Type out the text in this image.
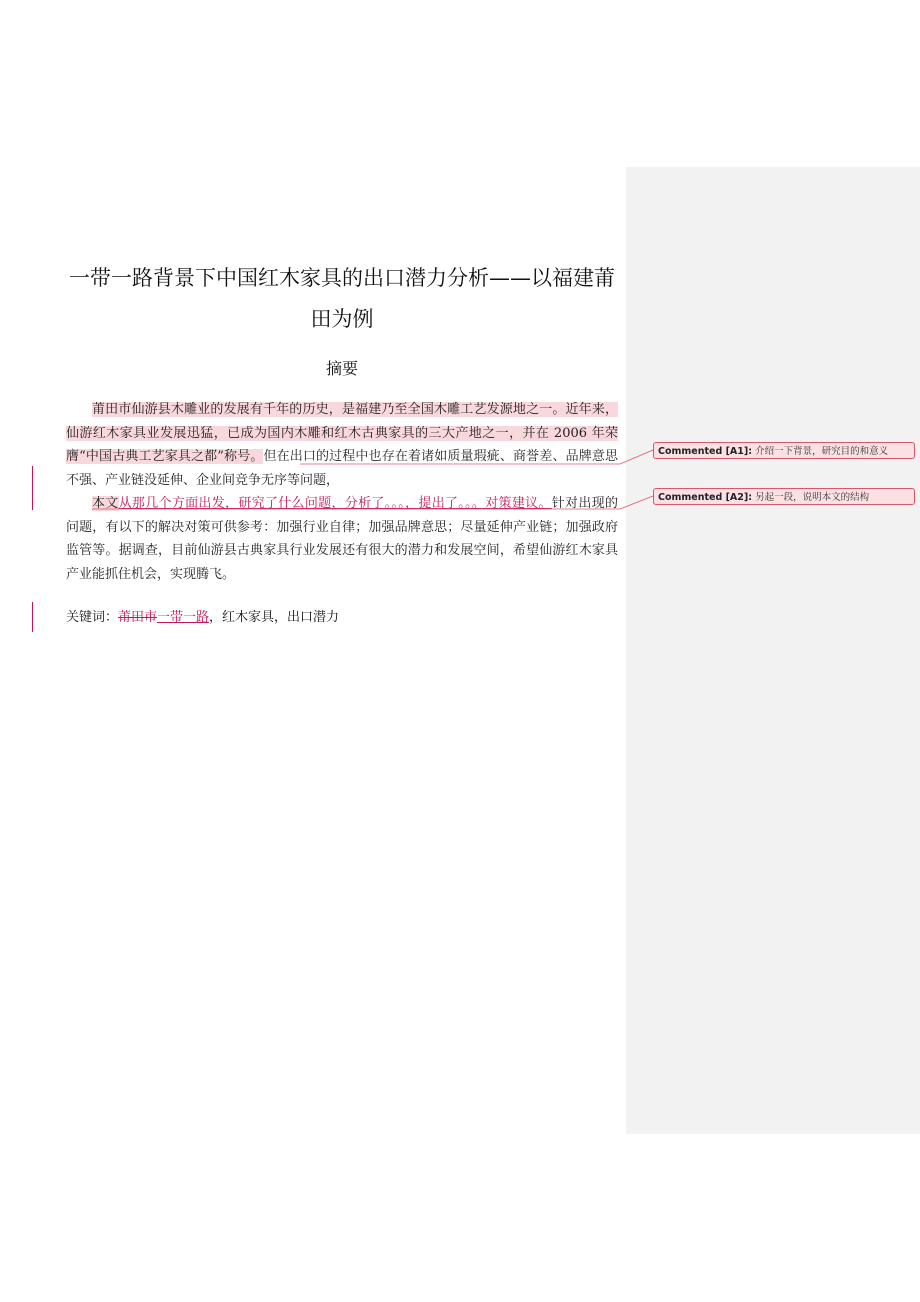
一带一路背景下中国红木家具的出口潜力分析——以福建莆
田为例
摘要

莆田市仙游县木雕业的发展有千年的历史，是福建乃至全国木雕工艺发源地之一。近年来，仙游红木家具业发展迅猛，已成为国内木雕和红木古典家具的三大产地之一，并在 2006 年荣膺“中国古典工艺家具之都”称号。但在出口的过程中也存在着诸如质量瑕疵、商誉差、品牌意思不强、产业链没延伸、企业间竞争无序等问题，

本文从那几个方面出发，研究了什么问题，分析了。。。，提出了。。。对策建议。针对出现的问题，有以下的解决对策可供参考：加强行业自律；加强品牌意思；尽量延伸产业链；加强政府监管等。据调查，目前仙游县古典家具行业发展还有很大的潜力和发展空间，希望仙游红木家具产业能抓住机会，实现腾飞。

关键词：莆田市一带一路，红木家具，出口潜力
Commented [A1]: 介绍一下背景，研究目的和意义
Commented [A2]: 另起一段，说明本文的结构
